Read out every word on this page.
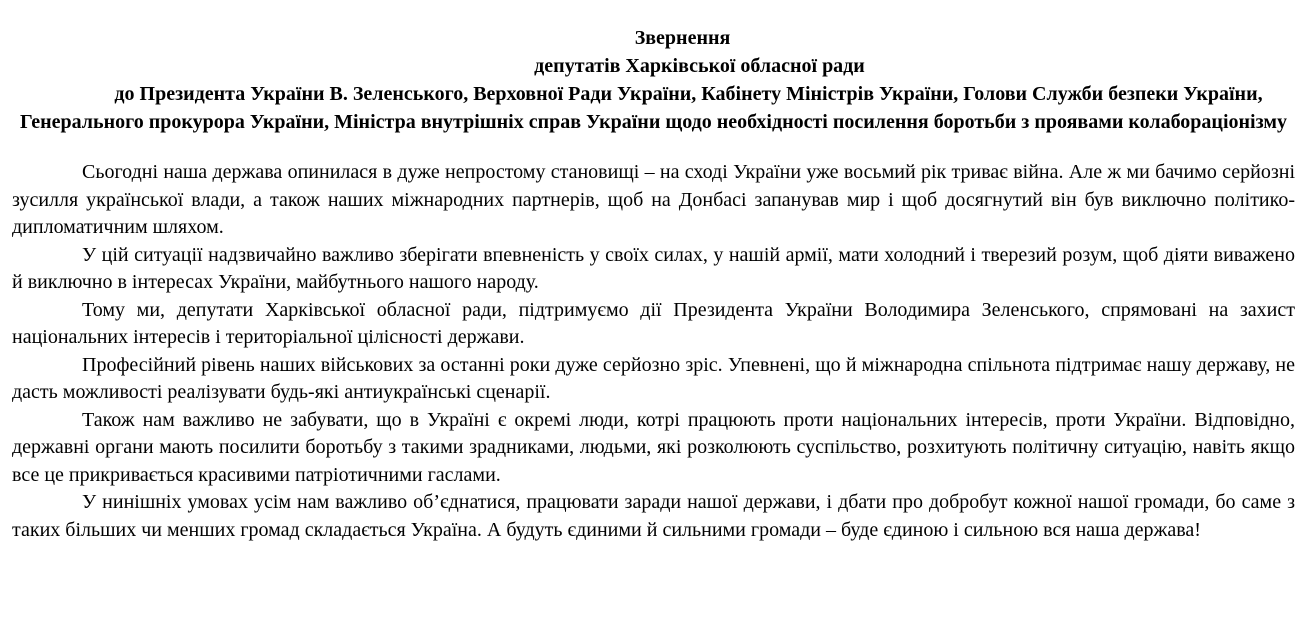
Звернення
депутатів Харківської обласної ради
до Президента України В. Зеленського, Верховної Ради України, Кабінету Міністрів України, Голови Служби безпеки України, Генерального прокурора України, Міністра внутрішніх справ України щодо необхідності посилення боротьби з проявами колабораціонізму

Сьогодні наша держава опинилася в дуже непростому становищі – на сході України уже восьмий рік триває війна. Але ж ми бачимо серйозні зусилля української влади, а також наших міжнародних партнерів, щоб на Донбасі запанував мир і щоб досягнутий він був виключно політико-дипломатичним шляхом.

У цій ситуації надзвичайно важливо зберігати впевненість у своїх силах, у нашій армії, мати холодний і тверезий розум, щоб діяти виважено й виключно в інтересах України, майбутнього нашого народу.

Тому ми, депутати Харківської обласної ради, підтримуємо дії Президента України Володимира Зеленського, спрямовані на захист національних інтересів і територіальної цілісності держави.

Професійний рівень наших військових за останні роки дуже серйозно зріс. Упевнені, що й міжнародна спільнота підтримає нашу державу, не дасть можливості реалізувати будь-які антиукраїнські сценарії.

Також нам важливо не забувати, що в Україні є окремі люди, котрі працюють проти національних інтересів, проти України. Відповідно, державні органи мають посилити боротьбу з такими зрадниками, людьми, які розколюють суспільство, розхитують політичну ситуацію, навіть якщо все це прикривається красивими патріотичними гаслами.

У нинішніх умовах усім нам важливо об’єднатися, працювати заради нашої держави, і дбати про добробут кожної нашої громади, бо саме з таких більших чи менших громад складається Україна. А будуть єдиними й сильними громади – буде єдиною і сильною вся наша держава!
